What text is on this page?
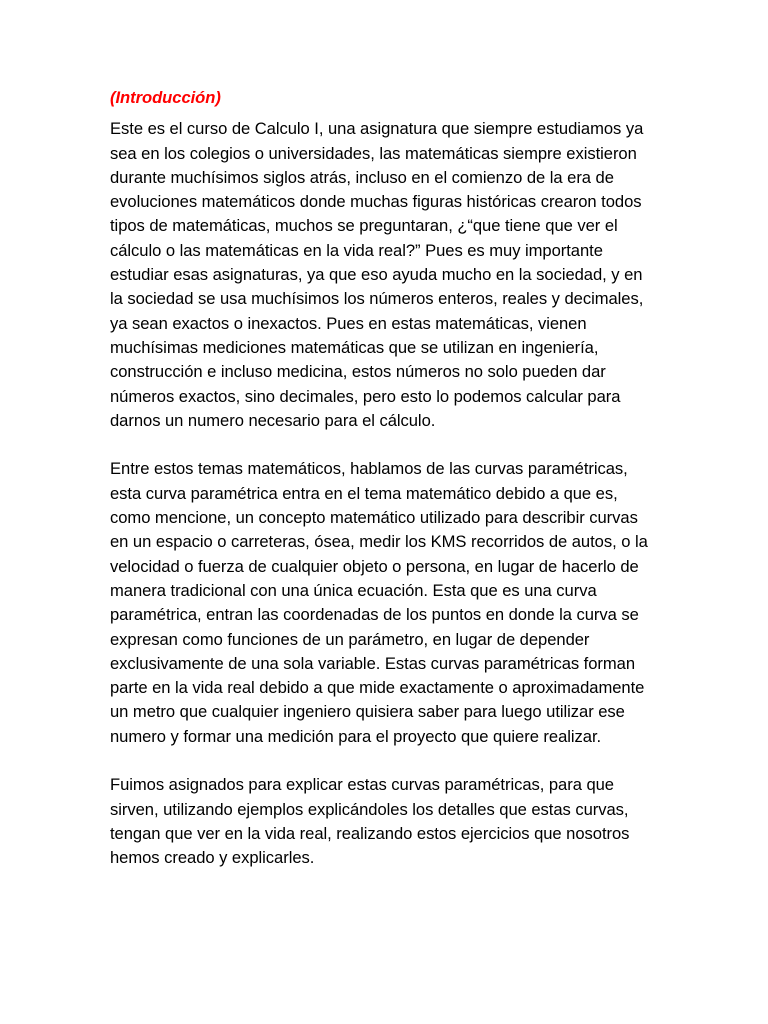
(Introducción)

Este es el curso de Calculo I, una asignatura que siempre estudiamos ya sea en los colegios o universidades, las matemáticas siempre existieron durante muchísimos siglos atrás, incluso en el comienzo de la era de evoluciones matemáticos donde muchas figuras históricas crearon todos tipos de matemáticas, muchos se preguntaran, ¿“que tiene que ver el cálculo o las matemáticas en la vida real?” Pues es muy importante estudiar esas asignaturas, ya que eso ayuda mucho en la sociedad, y en la sociedad se usa muchísimos los números enteros, reales y decimales, ya sean exactos o inexactos. Pues en estas matemáticas, vienen muchísimas mediciones matemáticas que se utilizan en ingeniería, construcción e incluso medicina, estos números no solo pueden dar números exactos, sino decimales, pero esto lo podemos calcular para darnos un numero necesario para el cálculo.

Entre estos temas matemáticos, hablamos de las curvas paramétricas, esta curva paramétrica entra en el tema matemático debido a que es, como mencione, un concepto matemático utilizado para describir curvas en un espacio o carreteras, ósea, medir los KMS recorridos de autos, o la velocidad o fuerza de cualquier objeto o persona, en lugar de hacerlo de manera tradicional con una única ecuación. Esta que es una curva paramétrica, entran las coordenadas de los puntos en donde la curva se expresan como funciones de un parámetro, en lugar de depender exclusivamente de una sola variable. Estas curvas paramétricas forman parte en la vida real debido a que mide exactamente o aproximadamente un metro que cualquier ingeniero quisiera saber para luego utilizar ese numero y formar una medición para el proyecto que quiere realizar.

Fuimos asignados para explicar estas curvas paramétricas, para que sirven, utilizando ejemplos explicándoles los detalles que estas curvas, tengan que ver en la vida real, realizando estos ejercicios que nosotros hemos creado y explicarles.
